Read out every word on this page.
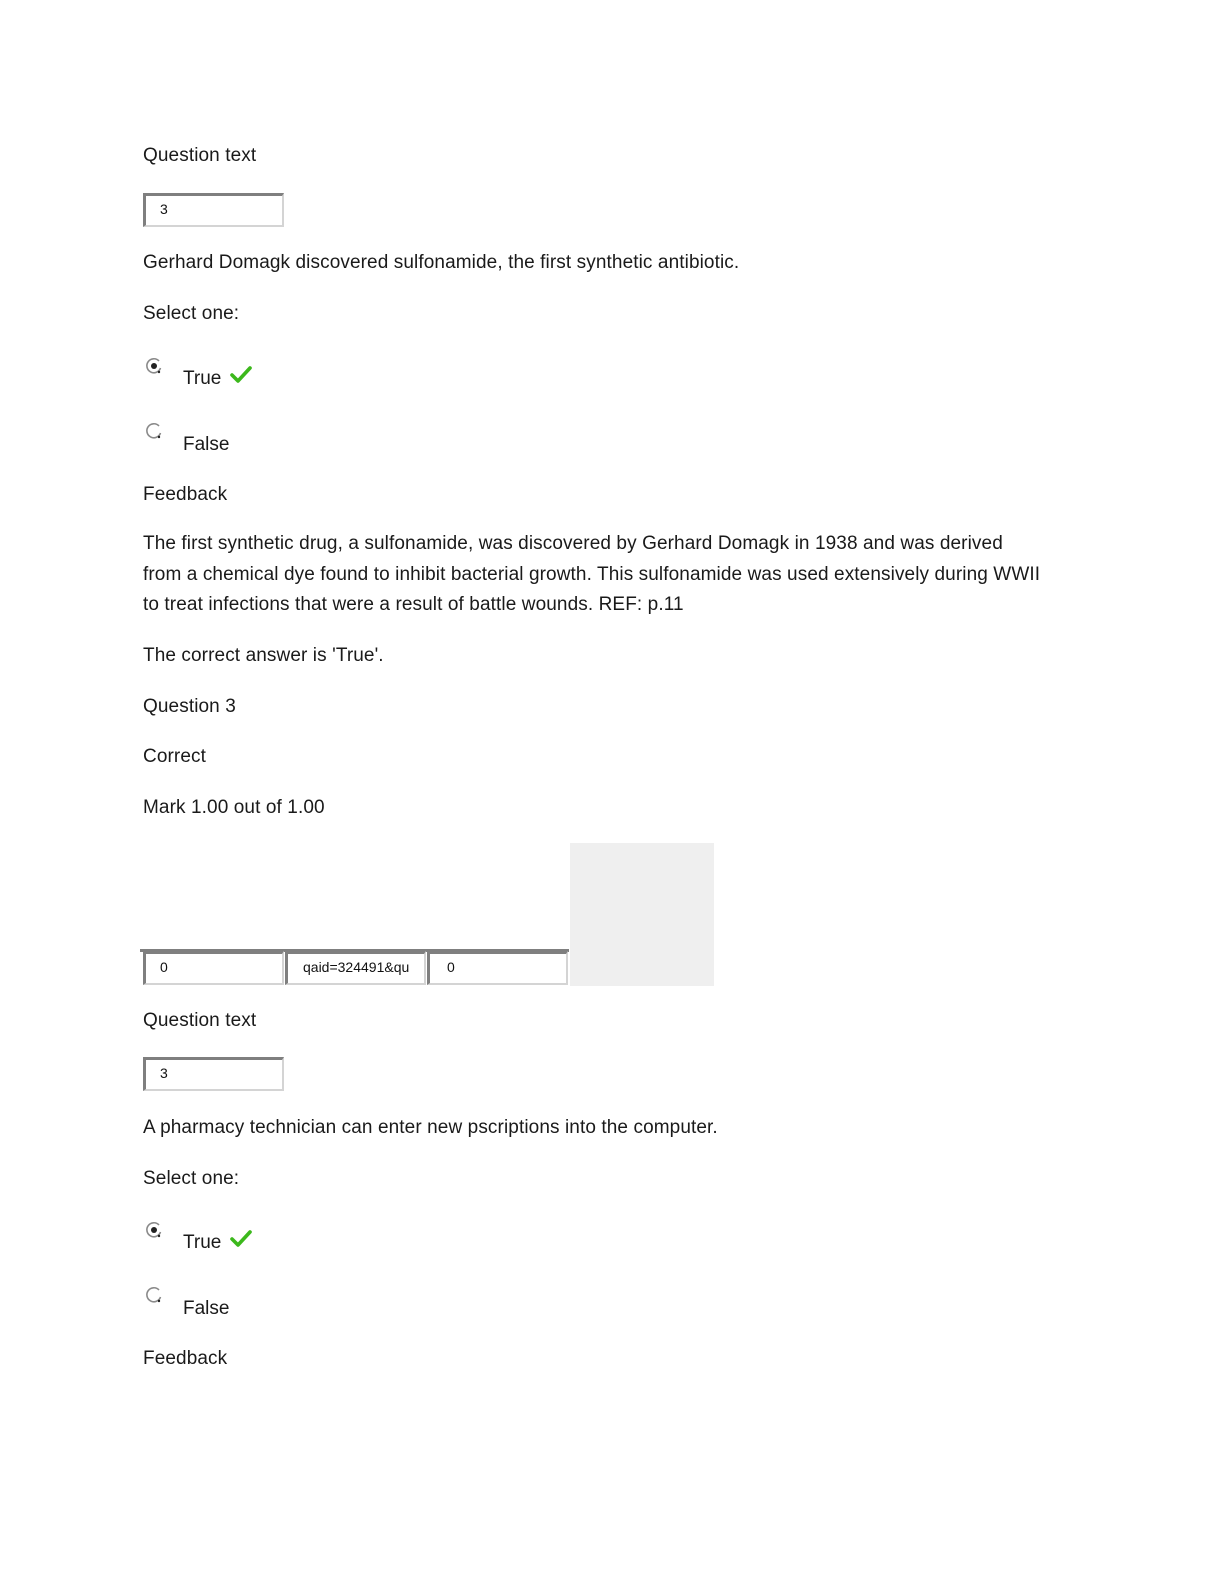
Question text
3
Gerhard Domagk discovered sulfonamide, the first synthetic antibiotic.
Select one:
True
False
Feedback
The first synthetic drug, a sulfonamide, was discovered by Gerhard Domagk in 1938 and was derived from a chemical dye found to inhibit bacterial growth. This sulfonamide was used extensively during WWII to treat infections that were a result of battle wounds. REF: p.11
The correct answer is 'True'.
Question 3
Correct
Mark 1.00 out of 1.00
0	qaid=324491&qu	0
Question text
3
A pharmacy technician can enter new pscriptions into the computer.
Select one:
True
False
Feedback
